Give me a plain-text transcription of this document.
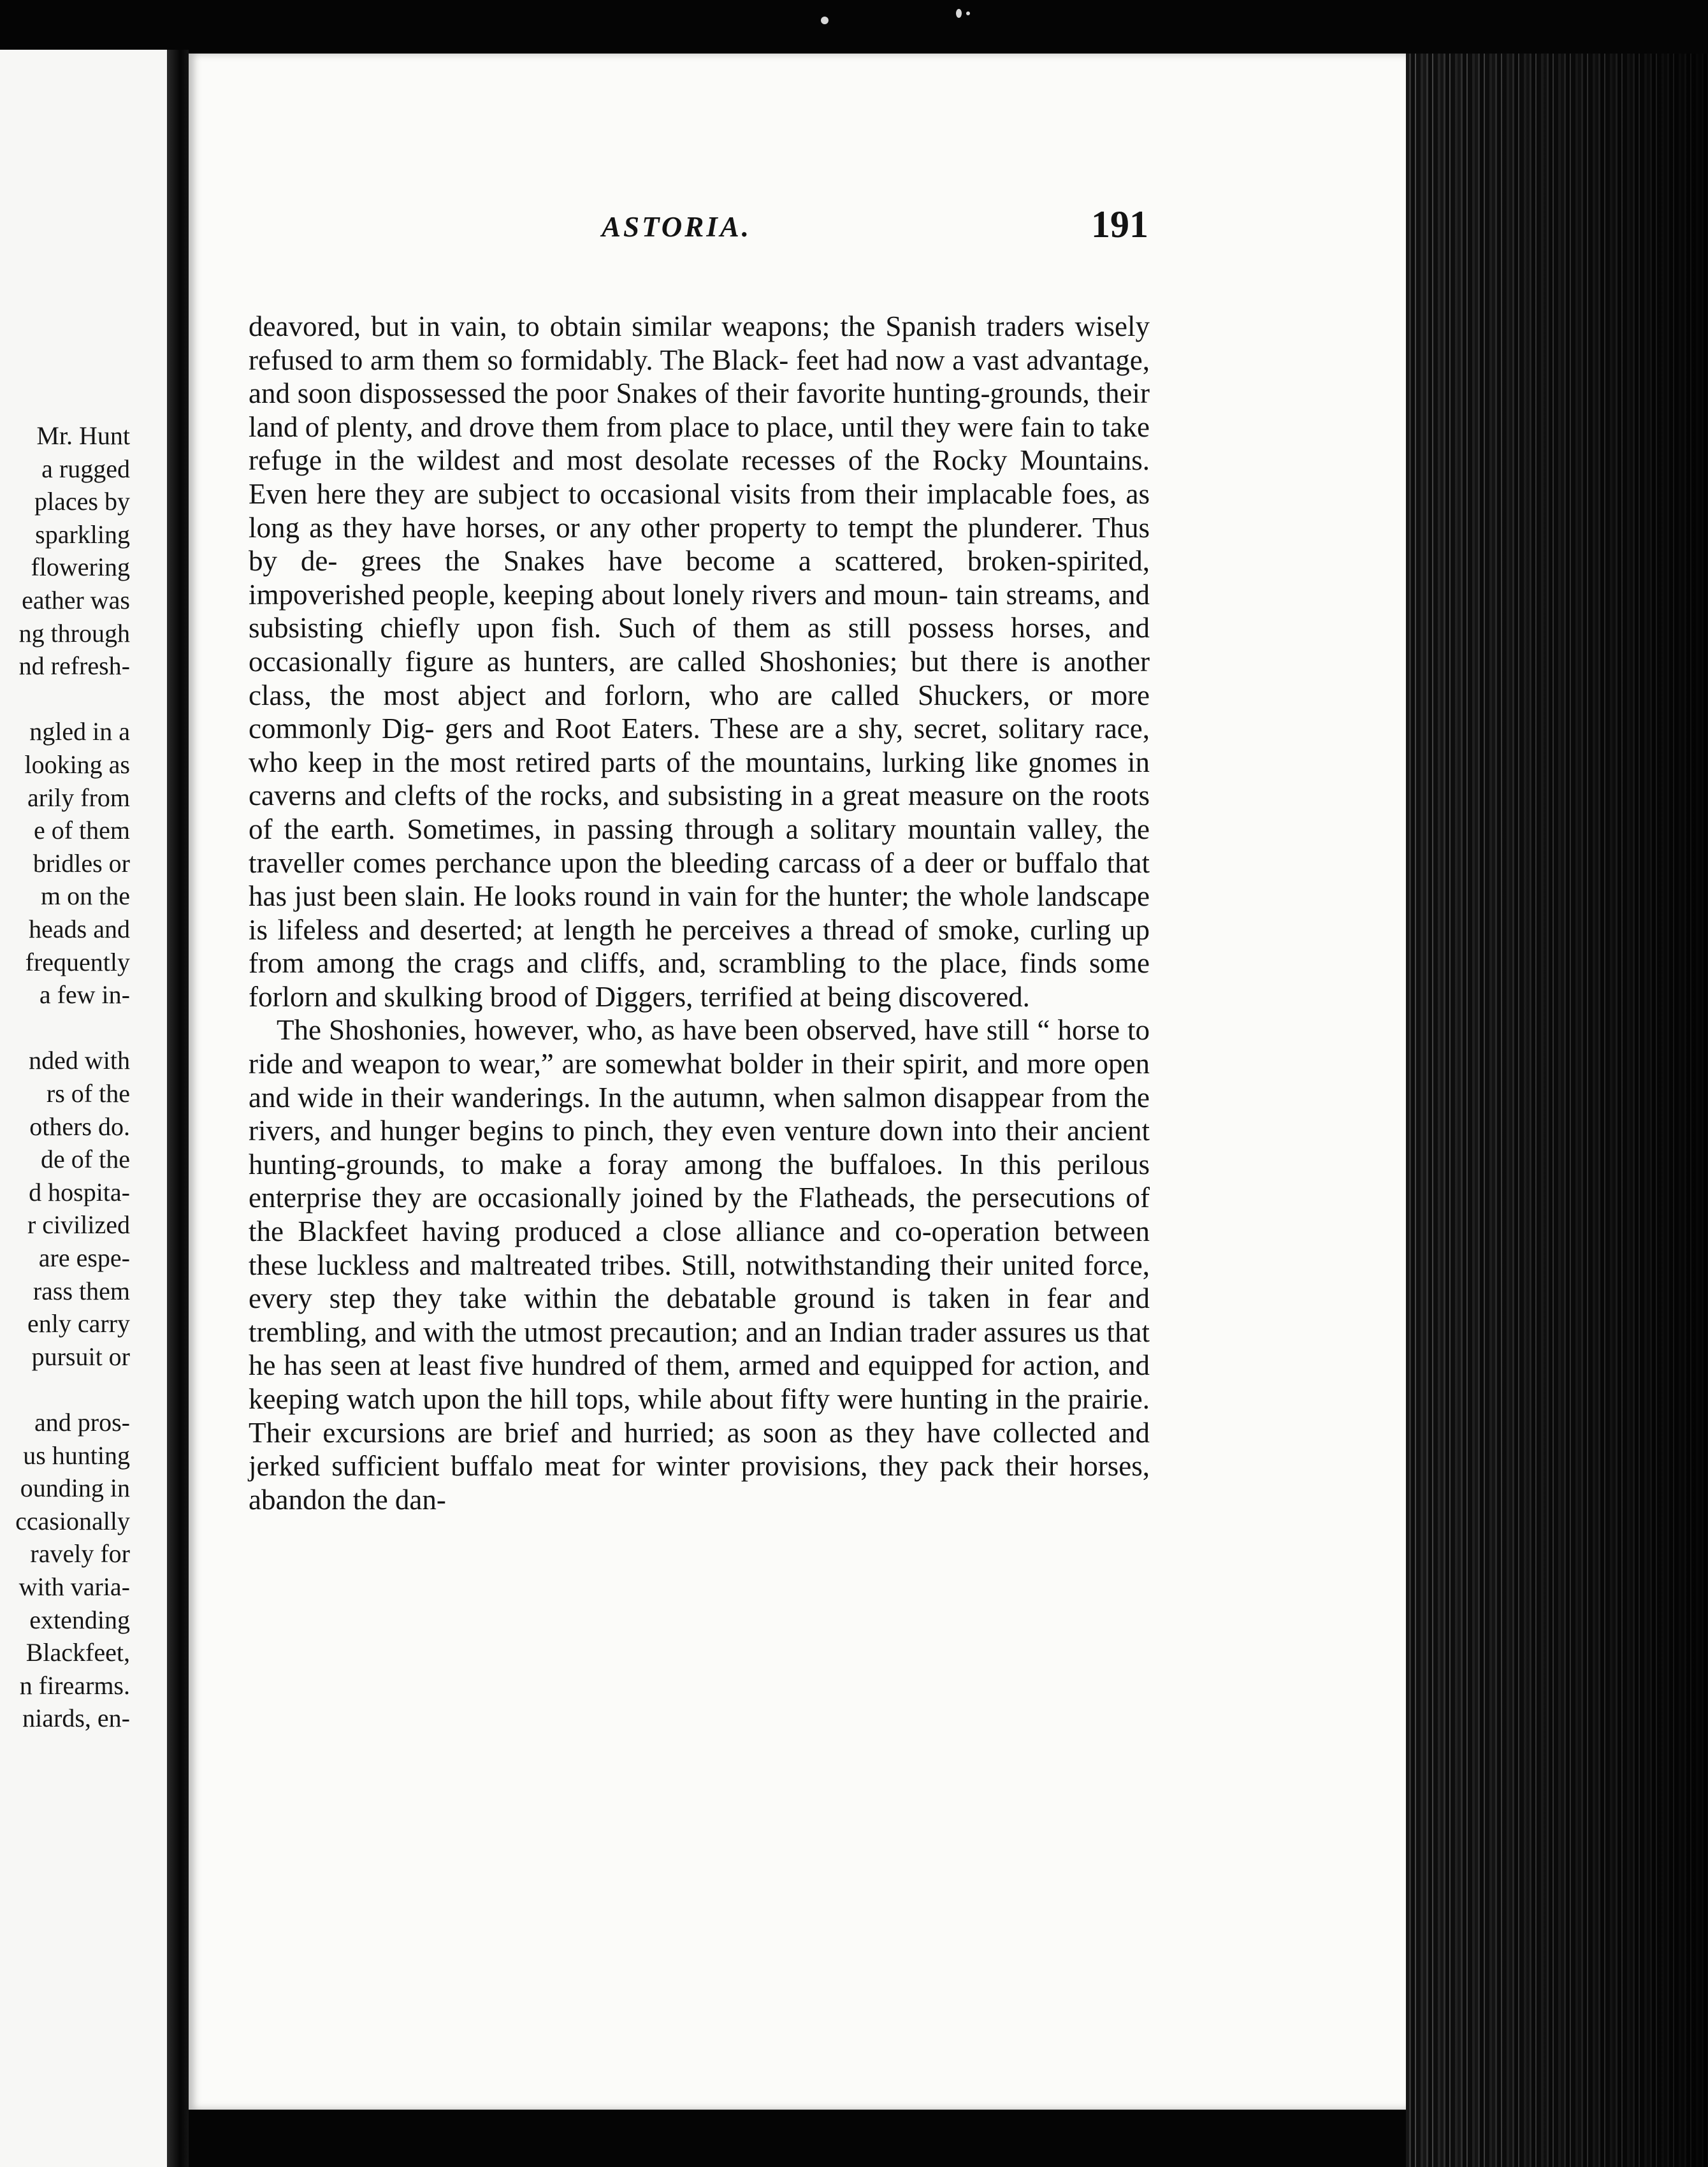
Mr. Hunt
a rugged
places by
sparkling
flowering
eather was
ng through
nd refresh-
ngled in a
looking as
arily from
e of them
bridles or
m on the
heads and
frequently
a few in-
nded with
rs of the
others do.
de of the
d hospita-
r civilized
are espe-
rass them
enly carry
pursuit or
and pros-
us hunting
ounding in
ccasionally
ravely for
with varia-
extending
Blackfeet,
n firearms.
niards, en-
ASTORIA.	191

deavored, but in vain, to obtain similar weapons; the Spanish traders wisely refused to arm them so formidably. The Black- feet had now a vast advantage, and soon dispossessed the poor Snakes of their favorite hunting-grounds, their land of plenty, and drove them from place to place, until they were fain to take refuge in the wildest and most desolate recesses of the Rocky Mountains. Even here they are subject to occasional visits from their implacable foes, as long as they have horses, or any other property to tempt the plunderer. Thus by de- grees the Snakes have become a scattered, broken-spirited, impoverished people, keeping about lonely rivers and moun- tain streams, and subsisting chiefly upon fish. Such of them as still possess horses, and occasionally figure as hunters, are called Shoshonies; but there is another class, the most abject and forlorn, who are called Shuckers, or more commonly Dig- gers and Root Eaters. These are a shy, secret, solitary race, who keep in the most retired parts of the mountains, lurking like gnomes in caverns and clefts of the rocks, and subsisting in a great measure on the roots of the earth. Sometimes, in passing through a solitary mountain valley, the traveller comes perchance upon the bleeding carcass of a deer or buffalo that has just been slain. He looks round in vain for the hunter; the whole landscape is lifeless and deserted; at length he perceives a thread of smoke, curling up from among the crags and cliffs, and, scrambling to the place, finds some forlorn and skulking brood of Diggers, terrified at being discovered.

The Shoshonies, however, who, as have been observed, have still “ horse to ride and weapon to wear,” are somewhat bolder in their spirit, and more open and wide in their wanderings. In the autumn, when salmon disappear from the rivers, and hunger begins to pinch, they even venture down into their ancient hunting-grounds, to make a foray among the buffaloes. In this perilous enterprise they are occasionally joined by the Flatheads, the persecutions of the Blackfeet having produced a close alliance and co-operation between these luckless and maltreated tribes. Still, notwithstanding their united force, every step they take within the debatable ground is taken in fear and trembling, and with the utmost precaution; and an Indian trader assures us that he has seen at least five hundred of them, armed and equipped for action, and keeping watch upon the hill tops, while about fifty were hunting in the prairie. Their excursions are brief and hurried; as soon as they have collected and jerked sufficient buffalo meat for winter provisions, they pack their horses, abandon the dan-
